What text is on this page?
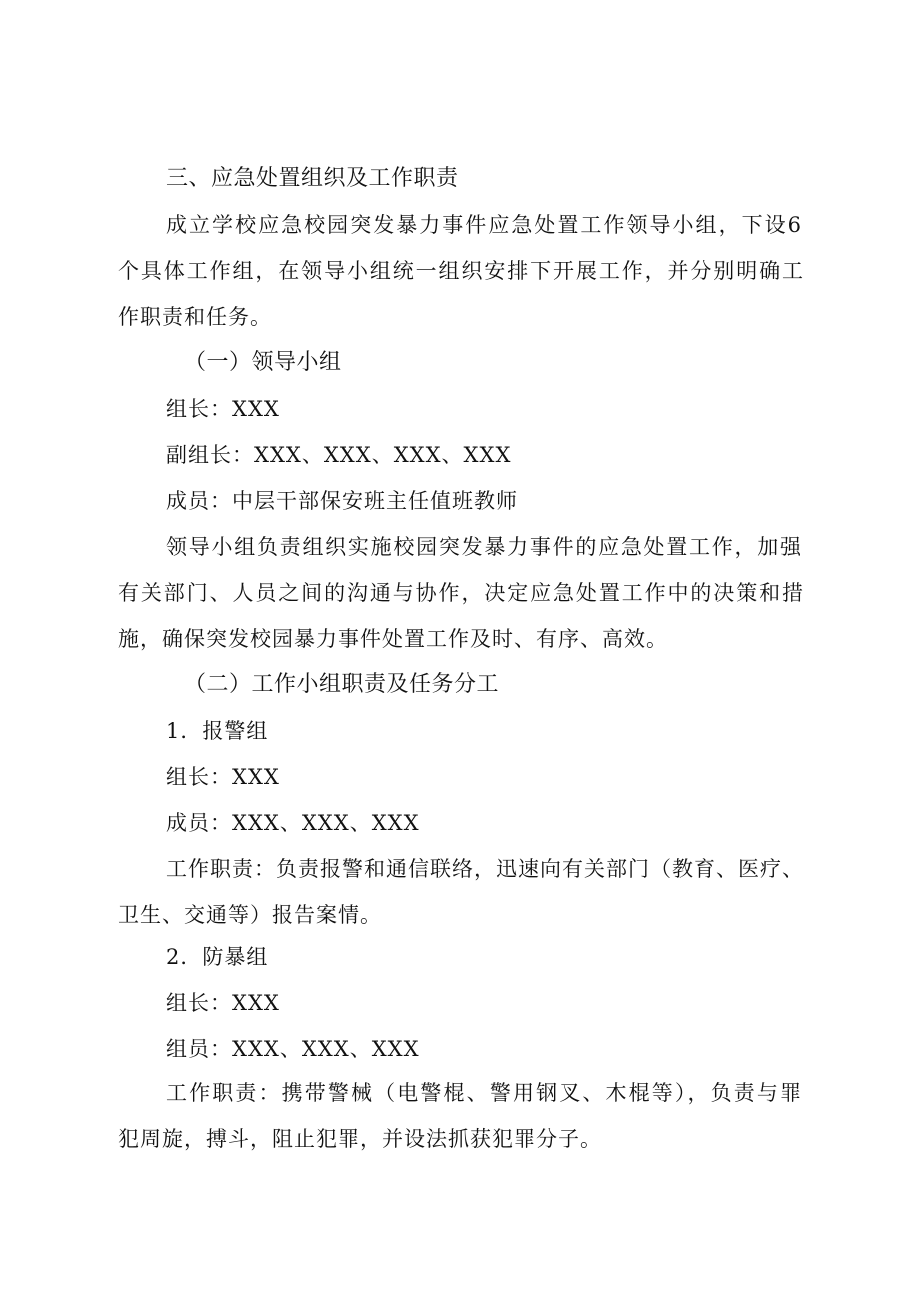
三、应急处置组织及工作职责
成立学校应急校园突发暴力事件应急处置工作领导小组，下设6
个具体工作组，在领导小组统一组织安排下开展工作，并分别明确工
作职责和任务。
（一）领导小组
组长：XXX
副组长：XXX、XXX、XXX、XXX
成员：中层干部保安班主任值班教师
领导小组负责组织实施校园突发暴力事件的应急处置工作，加强
有关部门、人员之间的沟通与协作，决定应急处置工作中的决策和措
施，确保突发校园暴力事件处置工作及时、有序、高效。
（二）工作小组职责及任务分工
1．报警组
组长：XXX
成员：XXX、XXX、XXX
工作职责：负责报警和通信联络，迅速向有关部门（教育、医疗、
卫生、交通等）报告案情。
2．防暴组
组长：XXX
组员：XXX、XXX、XXX
工作职责：携带警械（电警棍、警用钢叉、木棍等），负责与罪
犯周旋，搏斗，阻止犯罪，并设法抓获犯罪分子。
